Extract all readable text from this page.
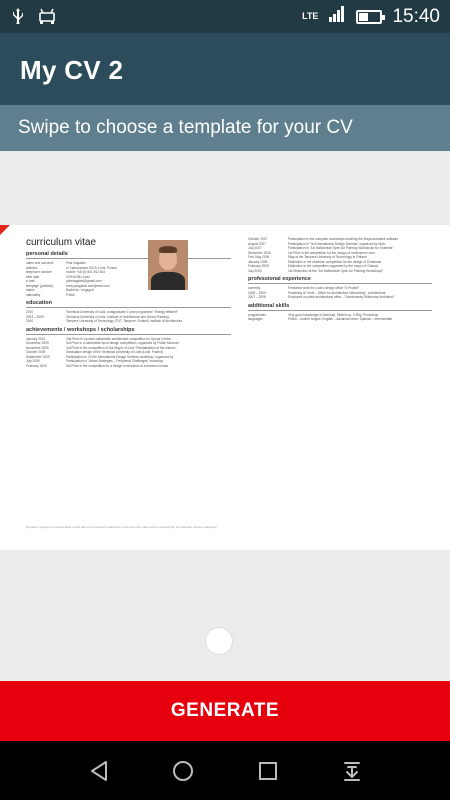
LTE	15:40
My CV 2
Swipe to choose a template for your CV
curriculum vitae
personal details
name and surname	Piotr Dagalski
address	ul. Narutowicza 25/15, Łódź, Poland
telephone number	mobile +48 (0) 501 502 503
birth date	07/04/1981 Łódź
e-mail	piotrdagalski@gmail.com
webpage (portfolio)	www.pdagalski.wordpress.com
status	Bachelor / engaged
nationality	Polish
education
2010	Technical University of Łódź, postgraduate 1 year programme “Energy efficient”
2003 – 2009	Technical University of Łódź, Institute of Architecture and Urban Planning
2000	Tampere University of Technology (TUT, Tampere, Finland) Institute of Architecture
achievements / workshops / scholarships
January 2010	2nd Prize in a polish nationwide architecture competition for Sports Centre
December 2009	3rd Prize in a nationwide sport design competition, organized by Polish Museum
November 2009	3rd Prize in the competition of the Mayor of Łódź “Revitalization of the historic”
October 2009	Graduation design of the Technical University of Łódź (Łódź, Poland)
September 2009	Participation in XXVth International Design Seminar workshop, organized by
July 2009	Participation in “Urban Strategies – Peripheral Challenges” workshop
February 2009	3rd Prize in the competition for a design of elevation of a mansion house
October 2007	Participation in the computer workshops teaching the Maya Autodesk software
August 2007	Participation in “3rd International Design Seminar” organized by Mulo
July 2007	Participation in “1st Nationwide Open Air Painting Workshops for Students”
December 2006	1st Prize in the competition for the design of conference room
Feb–May 2006	Stay at the Tampere University of Technology in Finland
January 2005	Distinction in the students' competition for the design of Christmas
February 2005	Distinction in the competition organized by the mayor of Gdansk
July 2004	1st Distinction at the “1st Nationwide Open Air Painting Workshops”
professional experience
currently	Freelance work for Łódź's design office “S Projekt”
2008 – 2009	Practising at “Aroft – Office for Architecture Networking”, architectural
2007 – 2008	Employed in polish architectural office - “Zdechowsky-Wiktorowy Architekci”
additional skills
programmes	Very good knowledge of Archicad, Sketch up, V-Ray, Photoshop
languages	Polish – mother tongue; English – advanced level; Spanish – intermediate
Wyrażam zgodę na przetwarzanie moich danych osobowych zawartych w ofercie pracy dla potrzeb niezbędnych do realizacji procesu rekrutacji
GENERATE
